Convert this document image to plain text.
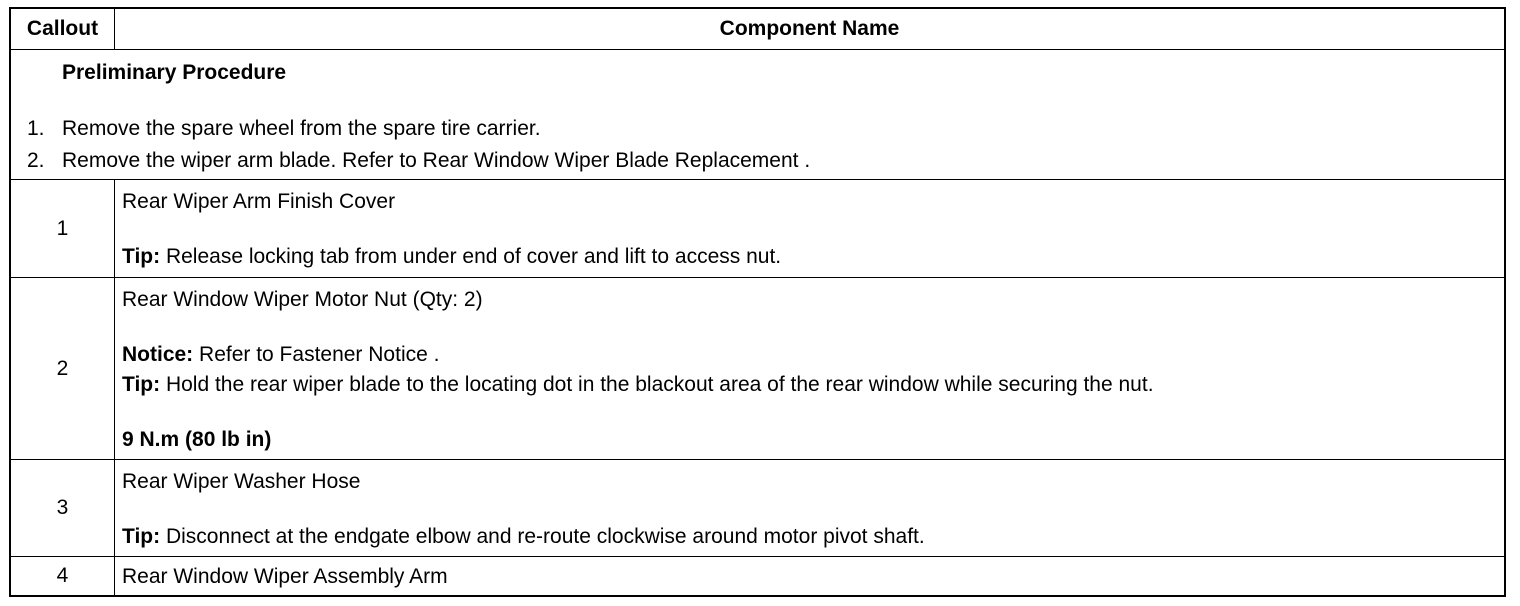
Callout	Component Name
Preliminary Procedure
1. Remove the spare wheel from the spare tire carrier.
2. Remove the wiper arm blade. Refer to Rear Window Wiper Blade Replacement .
1
Rear Wiper Arm Finish Cover
Tip: Release locking tab from under end of cover and lift to access nut.
2
Rear Window Wiper Motor Nut (Qty: 2)
Notice: Refer to Fastener Notice .
Tip: Hold the rear wiper blade to the locating dot in the blackout area of the rear window while securing the nut.
9 N.m (80 lb in)
3
Rear Wiper Washer Hose
Tip: Disconnect at the endgate elbow and re-route clockwise around motor pivot shaft.
4	Rear Window Wiper Assembly Arm
